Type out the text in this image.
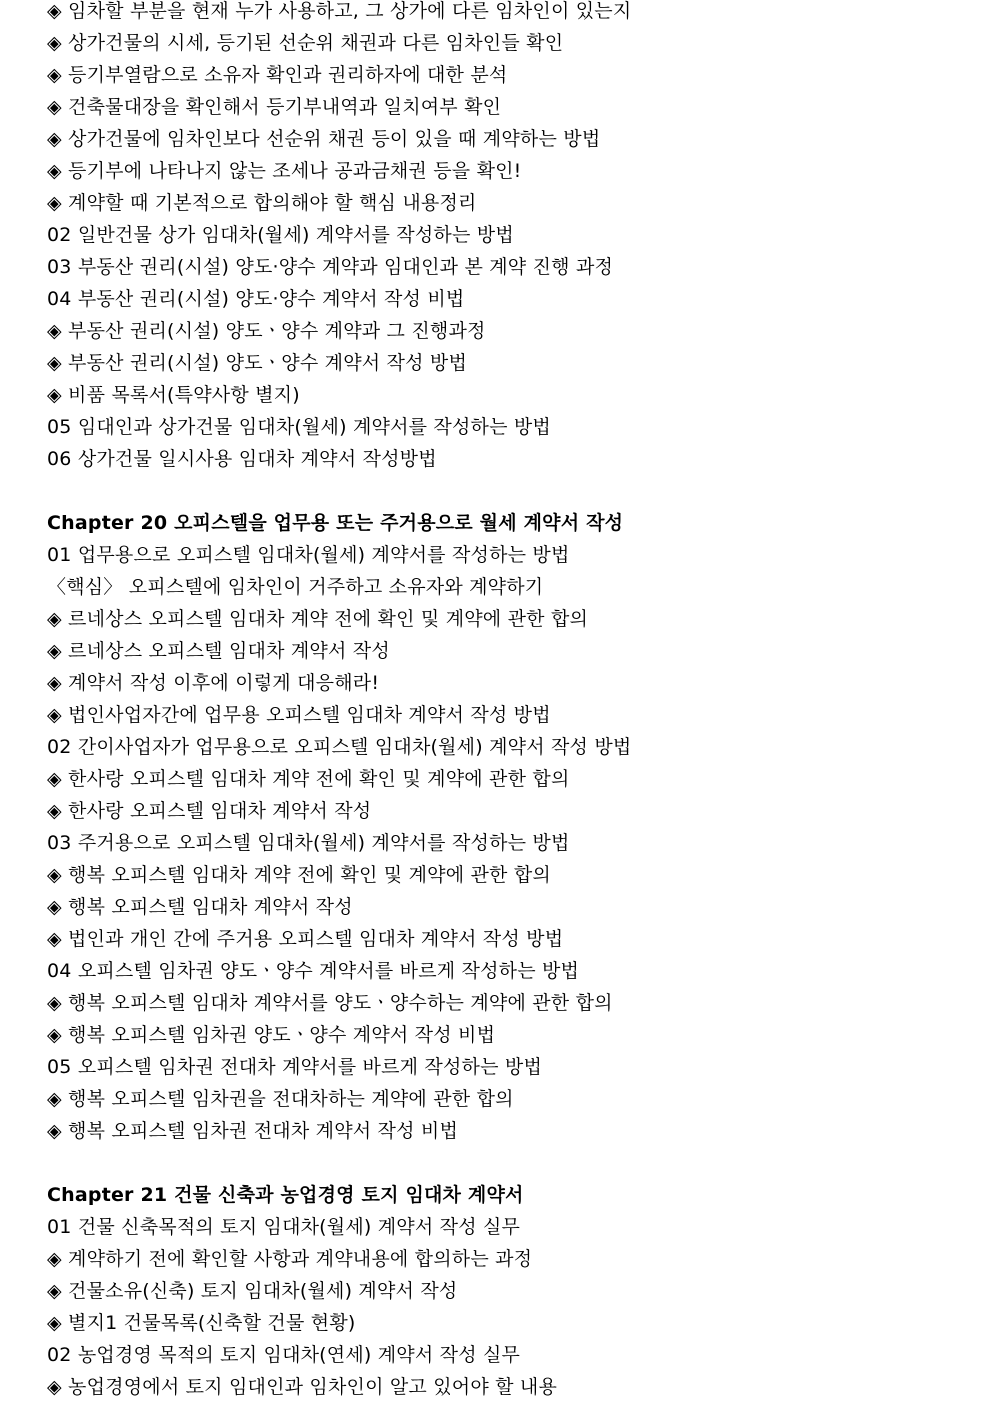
◈ 임차할 부분을 현재 누가 사용하고, 그 상가에 다른 임차인이 있는지
◈ 상가건물의 시세, 등기된 선순위 채권과 다른 임차인들 확인
◈ 등기부열람으로 소유자 확인과 권리하자에 대한 분석
◈ 건축물대장을 확인해서 등기부내역과 일치여부 확인
◈ 상가건물에 임차인보다 선순위 채권 등이 있을 때 계약하는 방법
◈ 등기부에 나타나지 않는 조세나 공과금채권 등을 확인!
◈ 계약할 때 기본적으로 합의해야 할 핵심 내용정리
02 일반건물 상가 임대차(월세) 계약서를 작성하는 방법
03 부동산 권리(시설) 양도·양수 계약과 임대인과 본 계약 진행 과정
04 부동산 권리(시설) 양도·양수 계약서 작성 비법
◈ 부동산 권리(시설) 양도ㆍ양수 계약과 그 진행과정
◈ 부동산 권리(시설) 양도ㆍ양수 계약서 작성 방법
◈ 비품 목록서(특약사항 별지)
05 임대인과 상가건물 임대차(월세) 계약서를 작성하는 방법
06 상가건물 일시사용 임대차 계약서 작성방법
Chapter 20 오피스텔을 업무용 또는 주거용으로 월세 계약서 작성
01 업무용으로 오피스텔 임대차(월세) 계약서를 작성하는 방법
〈핵심〉 오피스텔에 임차인이 거주하고 소유자와 계약하기
◈ 르네상스 오피스텔 임대차 계약 전에 확인 및 계약에 관한 합의
◈ 르네상스 오피스텔 임대차 계약서 작성
◈ 계약서 작성 이후에 이렇게 대응해라!
◈ 법인사업자간에 업무용 오피스텔 임대차 계약서 작성 방법
02 간이사업자가 업무용으로 오피스텔 임대차(월세) 계약서 작성 방법
◈ 한사랑 오피스텔 임대차 계약 전에 확인 및 계약에 관한 합의
◈ 한사랑 오피스텔 임대차 계약서 작성
03 주거용으로 오피스텔 임대차(월세) 계약서를 작성하는 방법
◈ 행복 오피스텔 임대차 계약 전에 확인 및 계약에 관한 합의
◈ 행복 오피스텔 임대차 계약서 작성
◈ 법인과 개인 간에 주거용 오피스텔 임대차 계약서 작성 방법
04 오피스텔 임차권 양도ㆍ양수 계약서를 바르게 작성하는 방법
◈ 행복 오피스텔 임대차 계약서를 양도ㆍ양수하는 계약에 관한 합의
◈ 행복 오피스텔 임차권 양도ㆍ양수 계약서 작성 비법
05 오피스텔 임차권 전대차 계약서를 바르게 작성하는 방법
◈ 행복 오피스텔 임차권을 전대차하는 계약에 관한 합의
◈ 행복 오피스텔 임차권 전대차 계약서 작성 비법
Chapter 21 건물 신축과 농업경영 토지 임대차 계약서
01 건물 신축목적의 토지 임대차(월세) 계약서 작성 실무
◈ 계약하기 전에 확인할 사항과 계약내용에 합의하는 과정
◈ 건물소유(신축) 토지 임대차(월세) 계약서 작성
◈ 별지1 건물목록(신축할 건물 현황)
02 농업경영 목적의 토지 임대차(연세) 계약서 작성 실무
◈ 농업경영에서 토지 임대인과 임차인이 알고 있어야 할 내용
